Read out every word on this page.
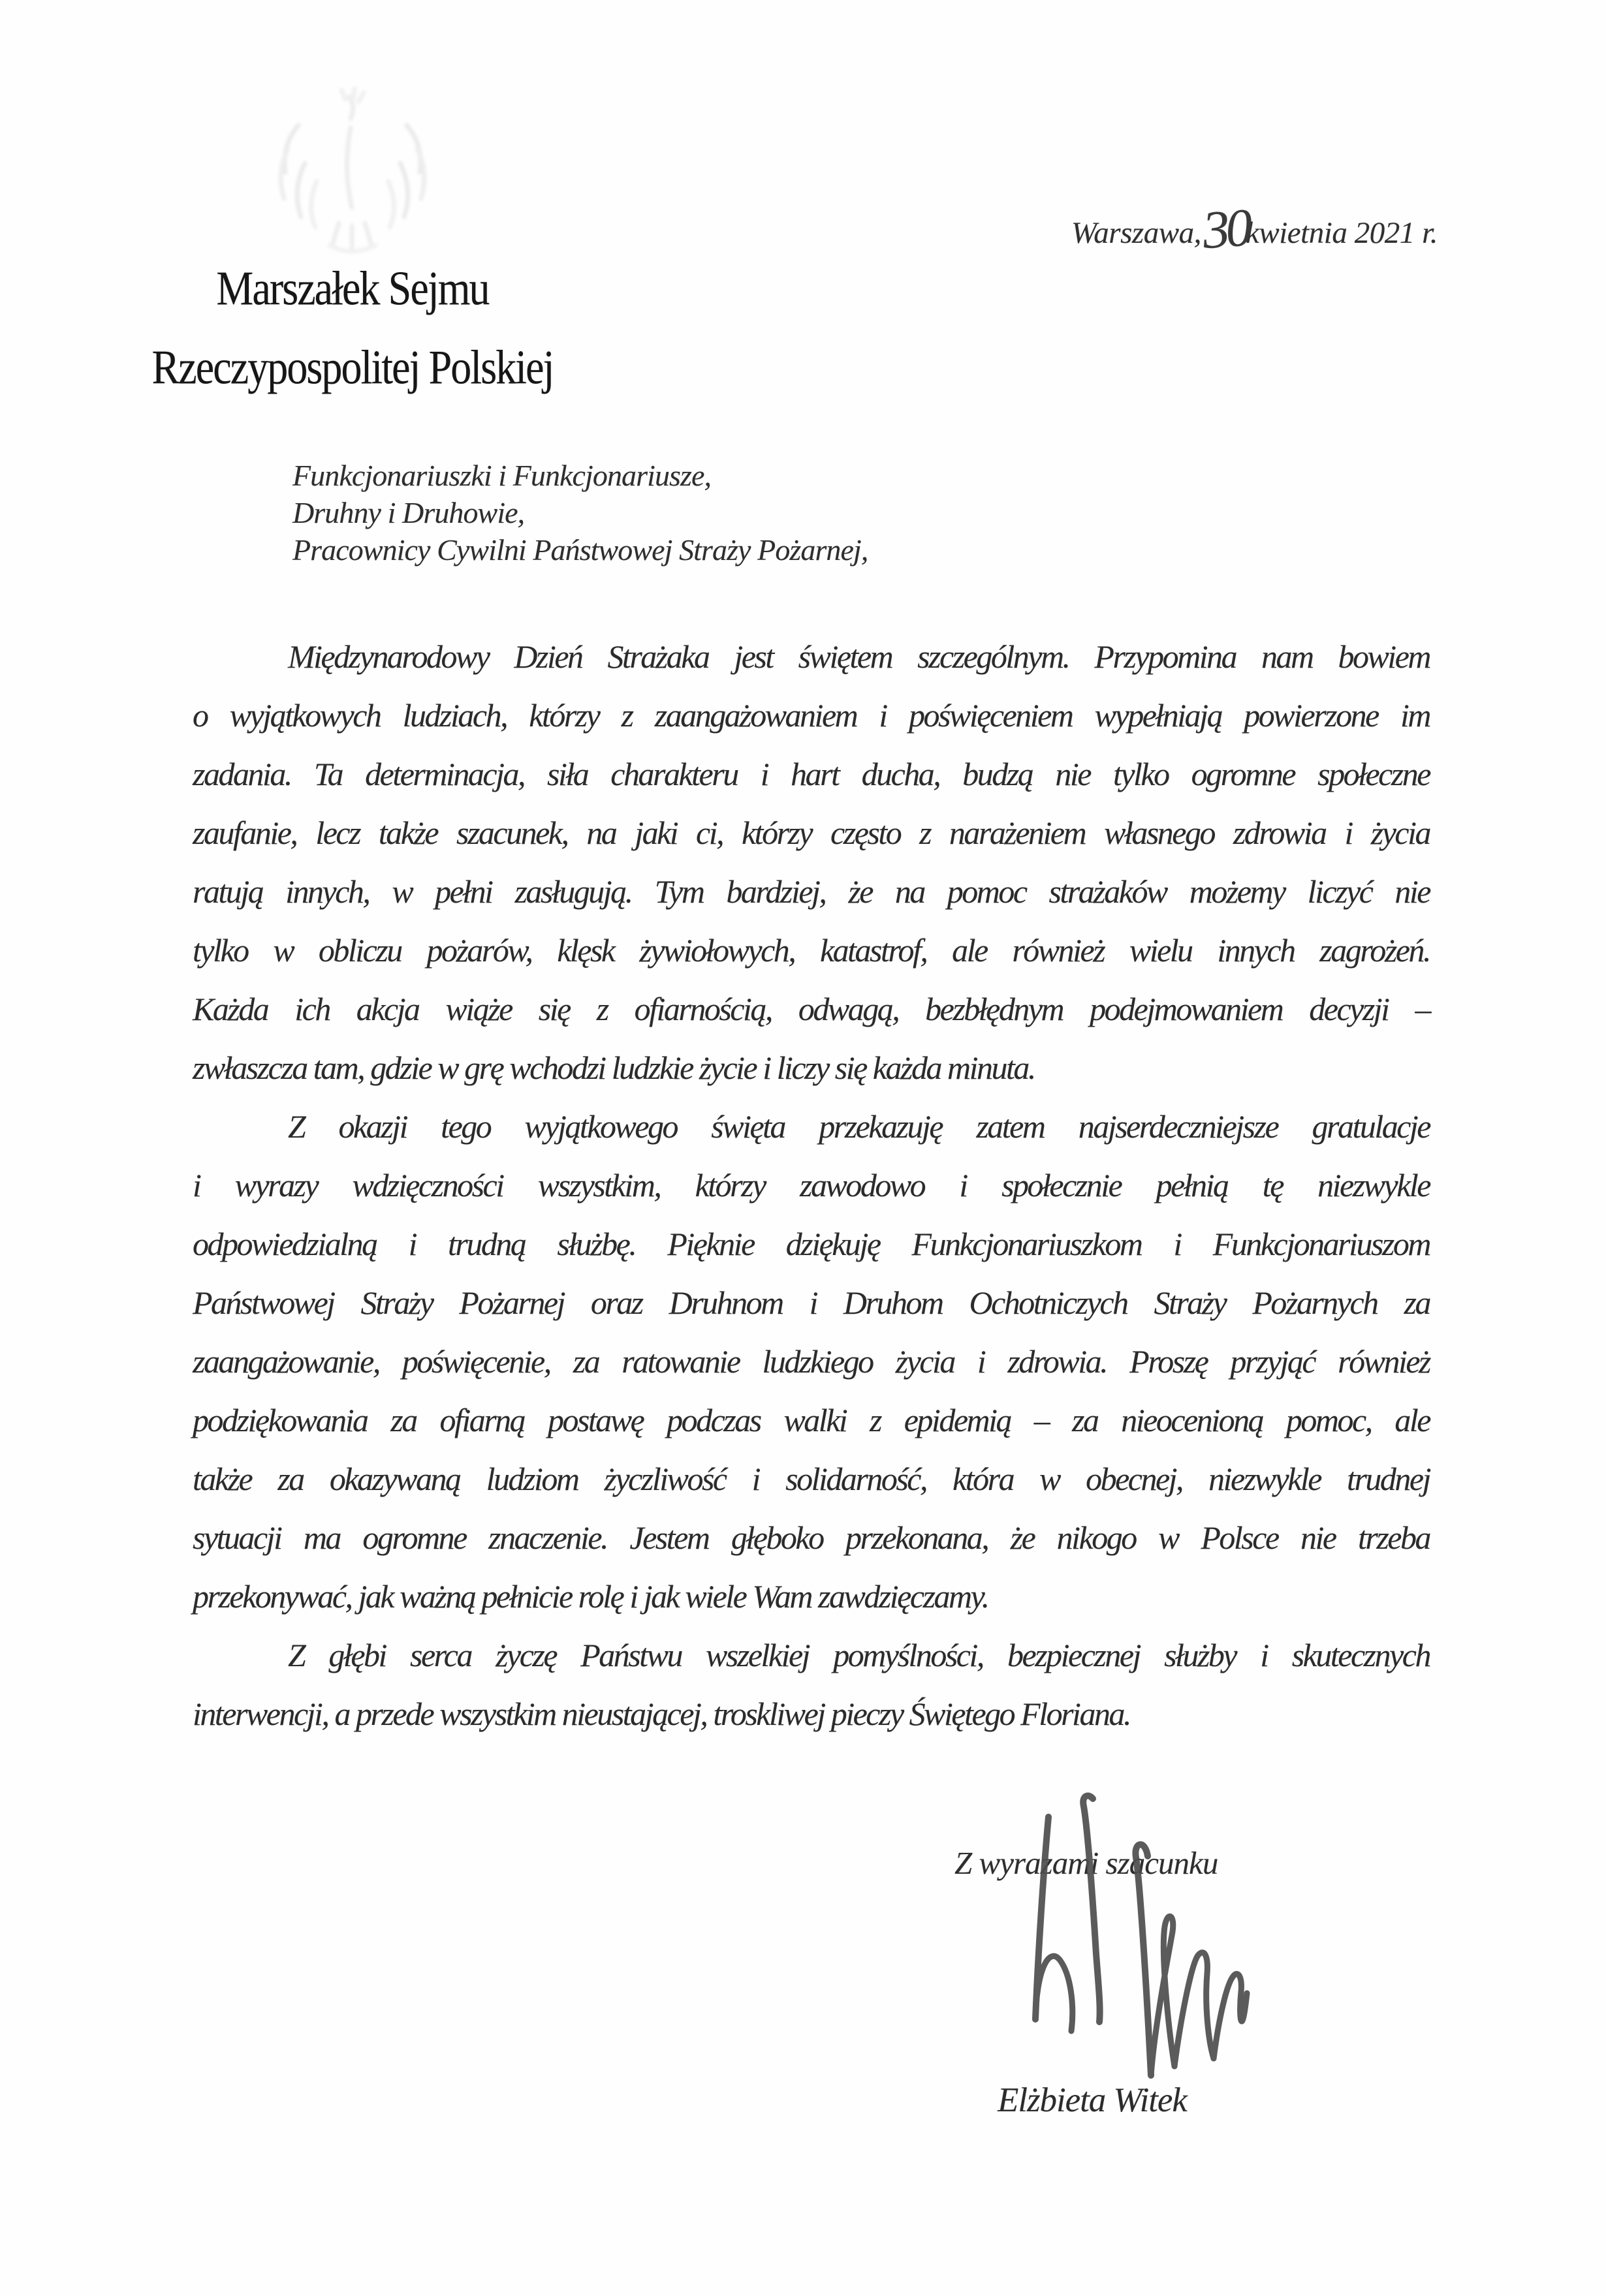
Warszawa,30kwietnia 2021 r.
Marszałek Sejmu
Rzeczypospolitej Polskiej
Funkcjonariuszki i Funkcjonariusze,
Druhny i Druhowie,
Pracownicy Cywilni Państwowej Straży Pożarnej,
Międzynarodowy Dzień Strażaka jest świętem szczególnym. Przypomina nam bowiem
o wyjątkowych ludziach, którzy z zaangażowaniem i poświęceniem wypełniają powierzone im
zadania. Ta determinacja, siła charakteru i hart ducha, budzą nie tylko ogromne społeczne
zaufanie, lecz także szacunek, na jaki ci, którzy często z narażeniem własnego zdrowia i życia
ratują innych, w pełni zasługują. Tym bardziej, że na pomoc strażaków możemy liczyć nie
tylko w obliczu pożarów, klęsk żywiołowych, katastrof, ale również wielu innych zagrożeń.
Każda ich akcja wiąże się z ofiarnością, odwagą, bezbłędnym podejmowaniem decyzji –
zwłaszcza tam, gdzie w grę wchodzi ludzkie życie i liczy się każda minuta.
Z okazji tego wyjątkowego święta przekazuję zatem najserdeczniejsze gratulacje
i wyrazy wdzięczności wszystkim, którzy zawodowo i społecznie pełnią tę niezwykle
odpowiedzialną i trudną służbę. Pięknie dziękuję Funkcjonariuszkom i Funkcjonariuszom
Państwowej Straży Pożarnej oraz Druhnom i Druhom Ochotniczych Straży Pożarnych za
zaangażowanie, poświęcenie, za ratowanie ludzkiego życia i zdrowia. Proszę przyjąć również
podziękowania za ofiarną postawę podczas walki z epidemią – za nieocenioną pomoc, ale
także za okazywaną ludziom życzliwość i solidarność, która w obecnej, niezwykle trudnej
sytuacji ma ogromne znaczenie. Jestem głęboko przekonana, że nikogo w Polsce nie trzeba
przekonywać, jak ważną pełnicie rolę i jak wiele Wam zawdzięczamy.
Z głębi serca życzę Państwu wszelkiej pomyślności, bezpiecznej służby i skutecznych
interwencji, a przede wszystkim nieustającej, troskliwej pieczy Świętego Floriana.
Z wyrazami szacunku
Elżbieta Witek
